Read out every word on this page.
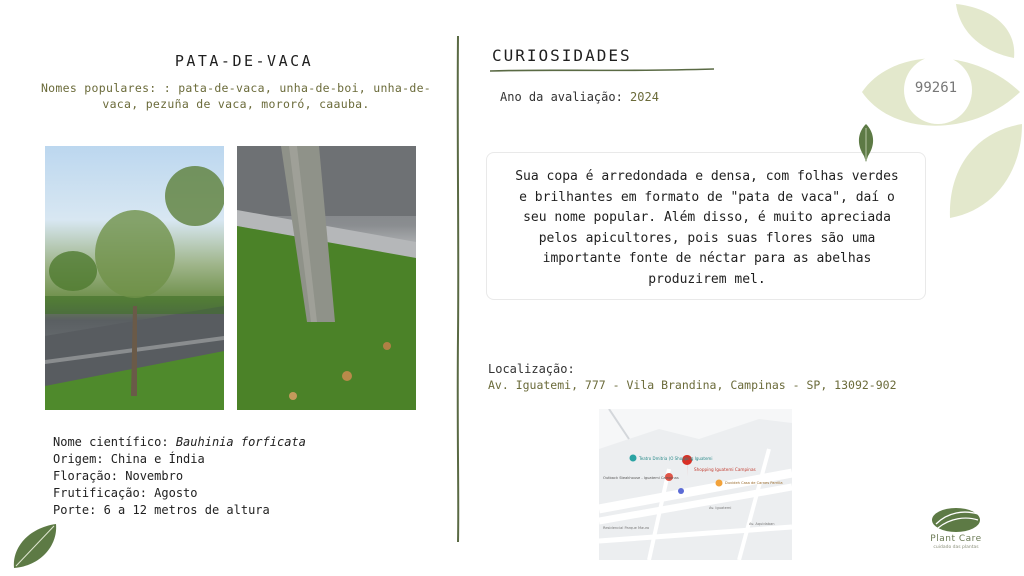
PATA-DE-VACA
Nomes populares: : pata-de-vaca, unha-de-boi, unha-de-vaca, pezuña de vaca, mororó, caauba.
Nome científico: Bauhinia forficata
Origem: China e Índia
Floração: Novembro
Frutificação: Agosto
Porte: 6 a 12 metros de altura
CURIOSIDADES
Ano da avaliação: 2024

Sua copa é arredondada e densa, com folhas verdes e brilhantes em formato de "pata de vaca", daí o seu nome popular. Além disso, é muito apreciada pelos apicultores, pois suas flores são uma importante fonte de néctar para as abelhas produzirem mel.

Localização:
Av. Iguatemi, 777 - Vila Brandina, Campinas - SP, 13092-902
Teatro Dmitria (O Shopping Iguatemi
Shopping Iguatemi Campinas
Outback Steakhouse - Iguatemi Campinas
Duvideh Casa de Carnes Parrilla
Av. Iguatemi
Av. Aquidaban
Residencial Parque Mauro
99261
Plant Care
cuidado das plantas
